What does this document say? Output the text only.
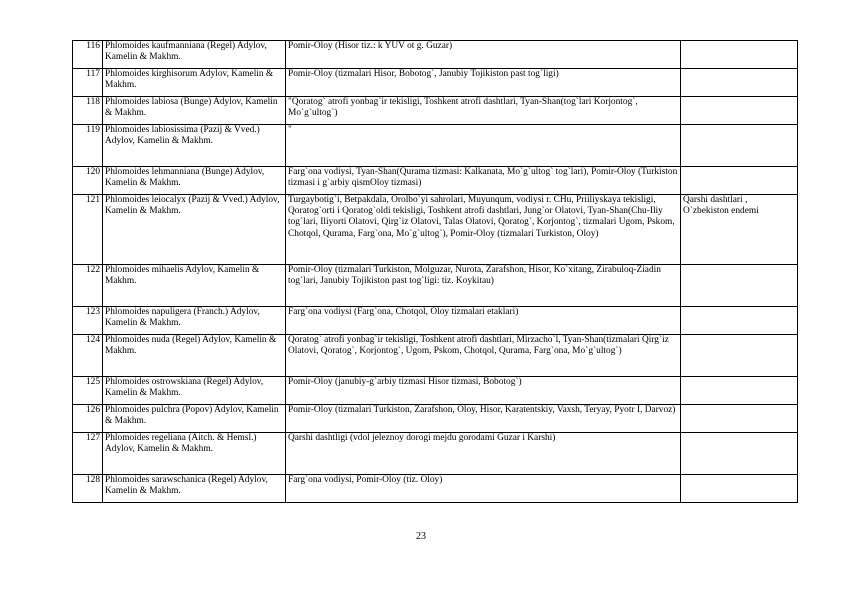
116	Phlomoides kaufmanniana (Regel) Adylov, Kamelin & Makhm.	Pomir-Oloy (Hisor tiz.: k YUV ot g. Guzar)	
117	Phlomoides kirghisorum Adylov, Kamelin & Makhm.	Pomir-Oloy (tizmalari Hisor, Bobotog`, Janubiy Tojikiston past tog`ligi)	
118	Phlomoides labiosa (Bunge) Adylov, Kamelin & Makhm.	"Qoratog` atrofi yonbag`ir tekisligi, Toshkent atrofi dashtlari, Tyan-Shan(tog`lari Korjontog`, Mo`g`ultog`)	
119	Phlomoides labiosissima (Pazij & Vved.) Adylov, Kamelin & Makhm.	"	
120	Phlomoides lehmanniana (Bunge) Adylov, Kamelin & Makhm.	Farg`ona vodiysi, Tyan-Shan(Qurama tizmasi: Kalkanata, Mo`g`ultog` tog`lari), Pomir-Oloy (Turkiston tizmasi i g`arbiy qismOloy tizmasi)	
121	Phlomoides leiocalyx (Pazij & Vved.) Adylov, Kamelin & Makhm.	Turgaybotig`i, Betpakdala, Orolbo`yi sahrolari, Muyunqum, vodiysi r. CHu, Priiliyskaya tekisligi, Qoratog`orti i Qoratog`oldi tekisligi, Toshkent atrofi dashtlari, Jung`or Olatovi, Tyan-Shan(Chu-Iliy tog`lari, Iliyorti Olatovi, Qirg`iz Olatovi, Talas Olatovi, Qoratog`, Korjontog`, tizmalari Ugom, Pskom, Chotqol, Qurama, Farg`ona, Mo`g`ultog`), Pomir-Oloy (tizmalari Turkiston, Oloy)	Qarshi dashtlari , O`zbekiston endemi
122	Phlomoides mihaelis Adylov, Kamelin & Makhm.	Pomir-Oloy (tizmalari Turkiston, Molguzar, Nurota, Zarafshon, Hisor, Ko`xitang, Zirabuloq-Ziadin tog`lari, Janubiy Tojikiston past tog`ligi: tiz. Koykitau)	
123	Phlomoides napuligera (Franch.) Adylov, Kamelin & Makhm.	Farg`ona vodiysi (Farg`ona, Chotqol, Oloy tizmalari etaklari)	
124	Phlomoides nuda (Regel) Adylov, Kamelin & Makhm.	Qoratog` atrofi yonbag`ir tekisligi, Toshkent atrofi dashtlari, Mirzacho`l, Tyan-Shan(tizmalari Qirg`iz Olatovi, Qoratog`, Korjontog`, Ugom, Pskom, Chotqol, Qurama, Farg`ona, Mo`g`ultog`)	
125	Phlomoides ostrowskiana (Regel) Adylov, Kamelin & Makhm.	Pomir-Oloy (janubiy-g`arbiy tizmasi Hisor tizmasi, Bobotog`)	
126	Phlomoides pulchra (Popov) Adylov, Kamelin & Makhm.	Pomir-Oloy (tizmalari Turkiston, Zarafshon, Oloy, Hisor, Karatentskiy, Vaxsh, Teryay, Pyotr I, Darvoz)	
127	Phlomoides regeliana (Aitch. & Hemsl.) Adylov, Kamelin & Makhm.	Qarshi dashtligi (vdol jeleznoy dorogi mejdu gorodami Guzar i Karshi)	
128	Phlomoides sarawschanica (Regel) Adylov, Kamelin & Makhm.	Farg`ona vodiysi, Pomir-Oloy (tiz. Oloy)	
23
